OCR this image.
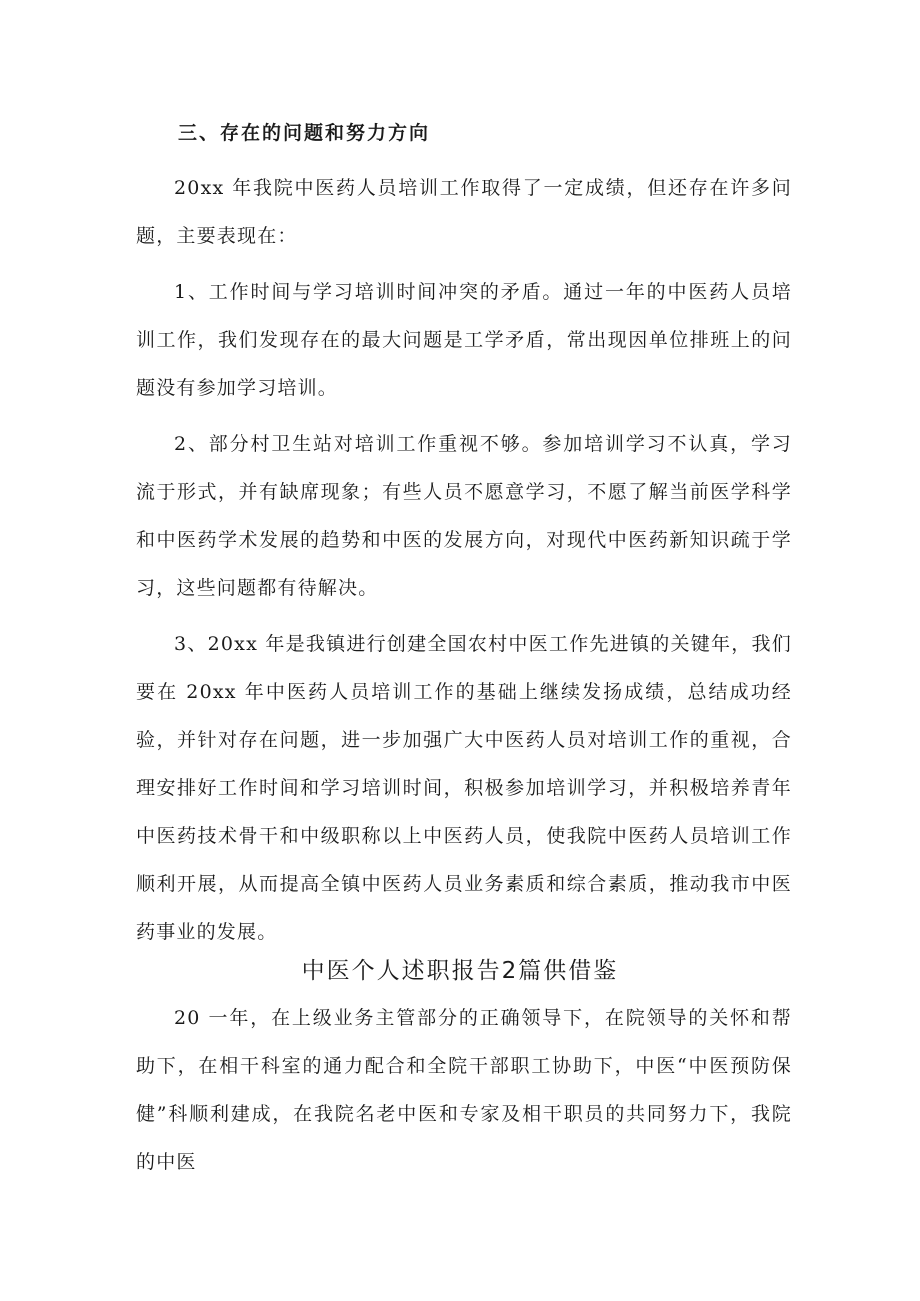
三、存在的问题和努力方向

20xx 年我院中医药人员培训工作取得了一定成绩，但还存在许多问题，主要表现在：

1、工作时间与学习培训时间冲突的矛盾。通过一年的中医药人员培训工作，我们发现存在的最大问题是工学矛盾，常出现因单位排班上的问题没有参加学习培训。

2、部分村卫生站对培训工作重视不够。参加培训学习不认真，学习流于形式，并有缺席现象；有些人员不愿意学习，不愿了解当前医学科学和中医药学术发展的趋势和中医的发展方向，对现代中医药新知识疏于学习，这些问题都有待解决。

3、20xx 年是我镇进行创建全国农村中医工作先进镇的关键年，我们要在 20xx 年中医药人员培训工作的基础上继续发扬成绩，总结成功经验，并针对存在问题，进一步加强广大中医药人员对培训工作的重视，合理安排好工作时间和学习培训时间，积极参加培训学习，并积极培养青年中医药技术骨干和中级职称以上中医药人员，使我院中医药人员培训工作顺利开展，从而提高全镇中医药人员业务素质和综合素质，推动我市中医药事业的发展。

中医个人述职报告2篇供借鉴

20 一年，在上级业务主管部分的正确领导下，在院领导的关怀和帮助下，在相干科室的通力配合和全院干部职工协助下，中医“中医预防保健”科顺利建成，在我院名老中医和专家及相干职员的共同努力下，我院的中医
